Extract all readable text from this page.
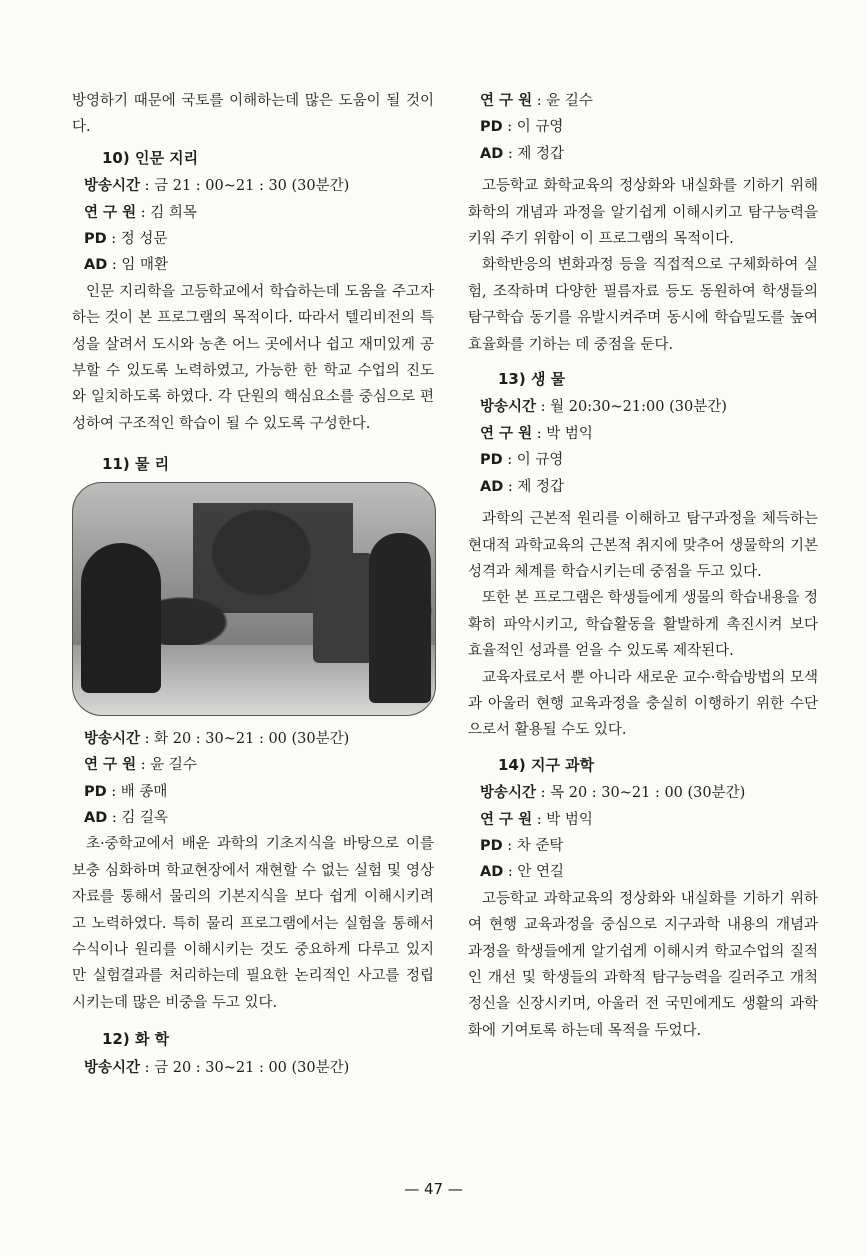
방영하기 때문에 국토를 이해하는데 많은 도움이 될 것이다.

10) 인문 지리
방송시간 : 금 21 : 00~21 : 30 (30분간)
연 구 원 : 김 희목
PD : 정 성문
AD : 임 매환

인문 지리학을 고등학교에서 학습하는데 도움을 주고자 하는 것이 본 프로그램의 목적이다. 따라서 텔리비전의 특성을 살려서 도시와 농촌 어느 곳에서나 쉽고 재미있게 공부할 수 있도록 노력하였고, 가능한 한 학교 수업의 진도와 일치하도록 하였다. 각 단원의 핵심요소를 중심으로 편성하여 구조적인 학습이 될 수 있도록 구성한다.

11) 물 리
방송시간 : 화 20 : 30~21 : 00 (30분간)
연 구 원 : 윤 길수
PD : 배 종매
AD : 김 길옥

초·중학교에서 배운 과학의 기초지식을 바탕으로 이를 보충 심화하며 학교현장에서 재현할 수 없는 실험 및 영상자료를 통해서 물리의 기본지식을 보다 쉽게 이해시키려고 노력하였다. 특히 물리 프로그램에서는 실험을 통해서 수식이나 원리를 이해시키는 것도 중요하게 다루고 있지만 실험결과를 처리하는데 필요한 논리적인 사고를 정립시키는데 많은 비중을 두고 있다.

12) 화 학
방송시간 : 금 20 : 30~21 : 00 (30분간)
연 구 원 : 윤 길수
PD : 이 규영
AD : 제 정갑

고등학교 화학교육의 정상화와 내실화를 기하기 위해 화학의 개념과 과정을 알기쉽게 이해시키고 탐구능력을 키워 주기 위함이 이 프로그램의 목적이다.

화학반응의 변화과정 등을 직접적으로 구체화하여 실험, 조작하며 다양한 필름자료 등도 동원하여 학생들의 탐구학습 동기를 유발시켜주며 동시에 학습밀도를 높여 효율화를 기하는 데 중점을 둔다.

13) 생 물
방송시간 : 월 20:30~21:00 (30분간)
연 구 원 : 박 범익
PD : 이 규영
AD : 제 정갑

과학의 근본적 원리를 이해하고 탐구과정을 체득하는 현대적 과학교육의 근본적 취지에 맞추어 생물학의 기본성격과 체계를 학습시키는데 중점을 두고 있다.

또한 본 프로그램은 학생들에게 생물의 학습내용을 정확히 파악시키고, 학습활동을 활발하게 촉진시켜 보다 효율적인 성과를 얻을 수 있도록 제작된다.

교육자료로서 뿐 아니라 새로운 교수·학습방법의 모색과 아울러 현행 교육과정을 충실히 이행하기 위한 수단으로서 활용될 수도 있다.

14) 지구 과학
방송시간 : 목 20 : 30~21 : 00 (30분간)
연 구 원 : 박 범익
PD : 차 준탁
AD : 안 연길

고등학교 과학교육의 정상화와 내실화를 기하기 위하여 현행 교육과정을 중심으로 지구과학 내용의 개념과 과정을 학생들에게 알기쉽게 이해시켜 학교수업의 질적인 개선 및 학생들의 과학적 탐구능력을 길러주고 개척정신을 신장시키며, 아울러 전 국민에게도 생활의 과학화에 기여토록 하는데 목적을 두었다.

— 47 —
